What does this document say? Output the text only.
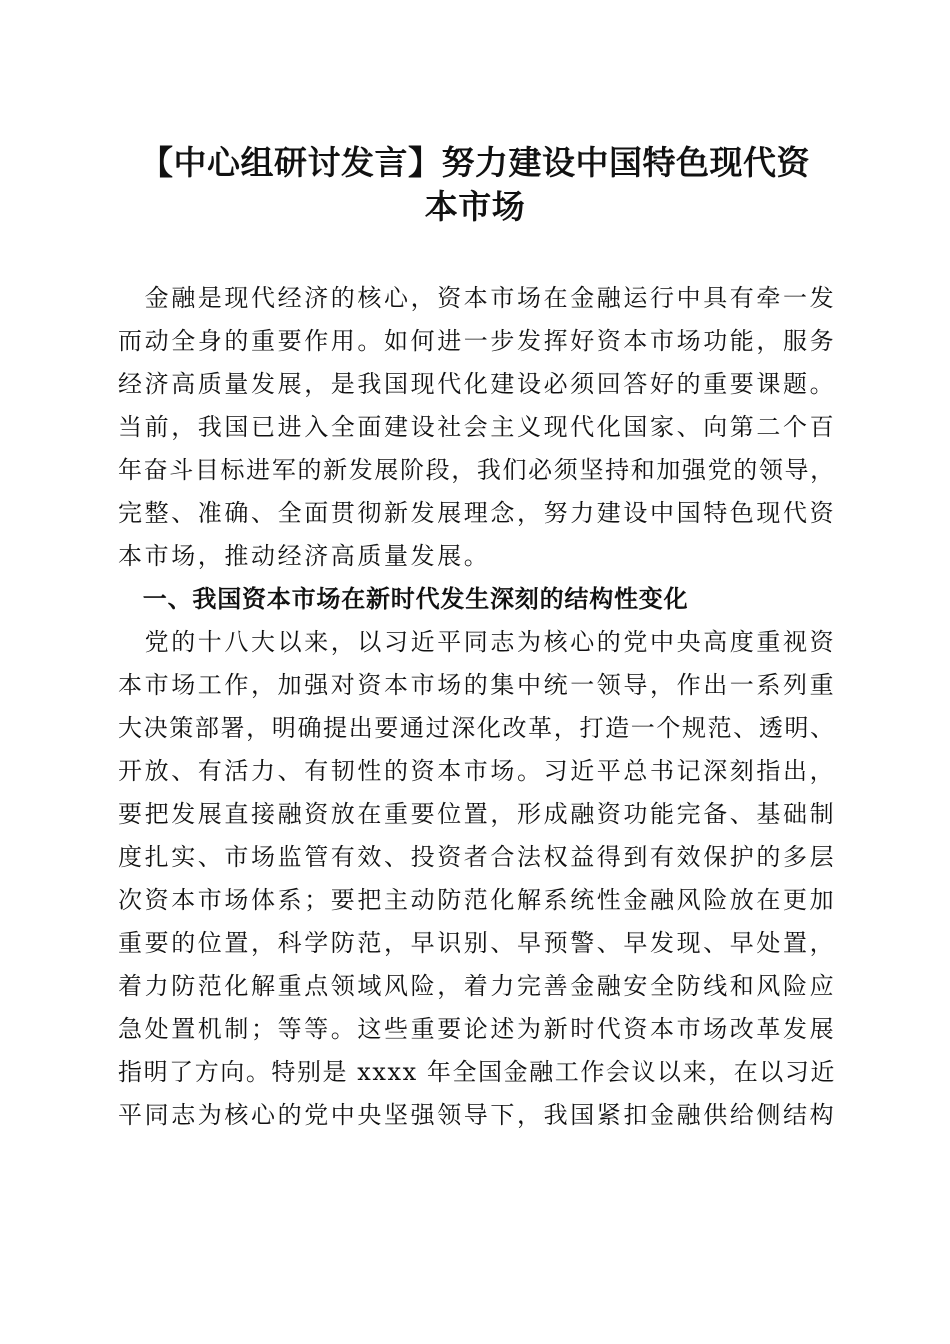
【中心组研讨发言】努力建设中国特色现代资
本市场

　金融是现代经济的核心，资本市场在金融运行中具有牵一发

而动全身的重要作用。如何进一步发挥好资本市场功能，服务

经济高质量发展，是我国现代化建设必须回答好的重要课题。

当前，我国已进入全面建设社会主义现代化国家、向第二个百

年奋斗目标进军的新发展阶段，我们必须坚持和加强党的领导，

完整、准确、全面贯彻新发展理念，努力建设中国特色现代资

本市场，推动经济高质量发展。

　一、我国资本市场在新时代发生深刻的结构性变化

　党的十八大以来，以习近平同志为核心的党中央高度重视资

本市场工作，加强对资本市场的集中统一领导，作出一系列重

大决策部署，明确提出要通过深化改革，打造一个规范、透明、

开放、有活力、有韧性的资本市场。习近平总书记深刻指出，

要把发展直接融资放在重要位置，形成融资功能完备、基础制

度扎实、市场监管有效、投资者合法权益得到有效保护的多层

次资本市场体系；要把主动防范化解系统性金融风险放在更加

重要的位置，科学防范，早识别、早预警、早发现、早处置，

着力防范化解重点领域风险，着力完善金融安全防线和风险应

急处置机制；等等。这些重要论述为新时代资本市场改革发展

指明了方向。特别是 xxxx 年全国金融工作会议以来，在以习近

平同志为核心的党中央坚强领导下，我国紧扣金融供给侧结构
